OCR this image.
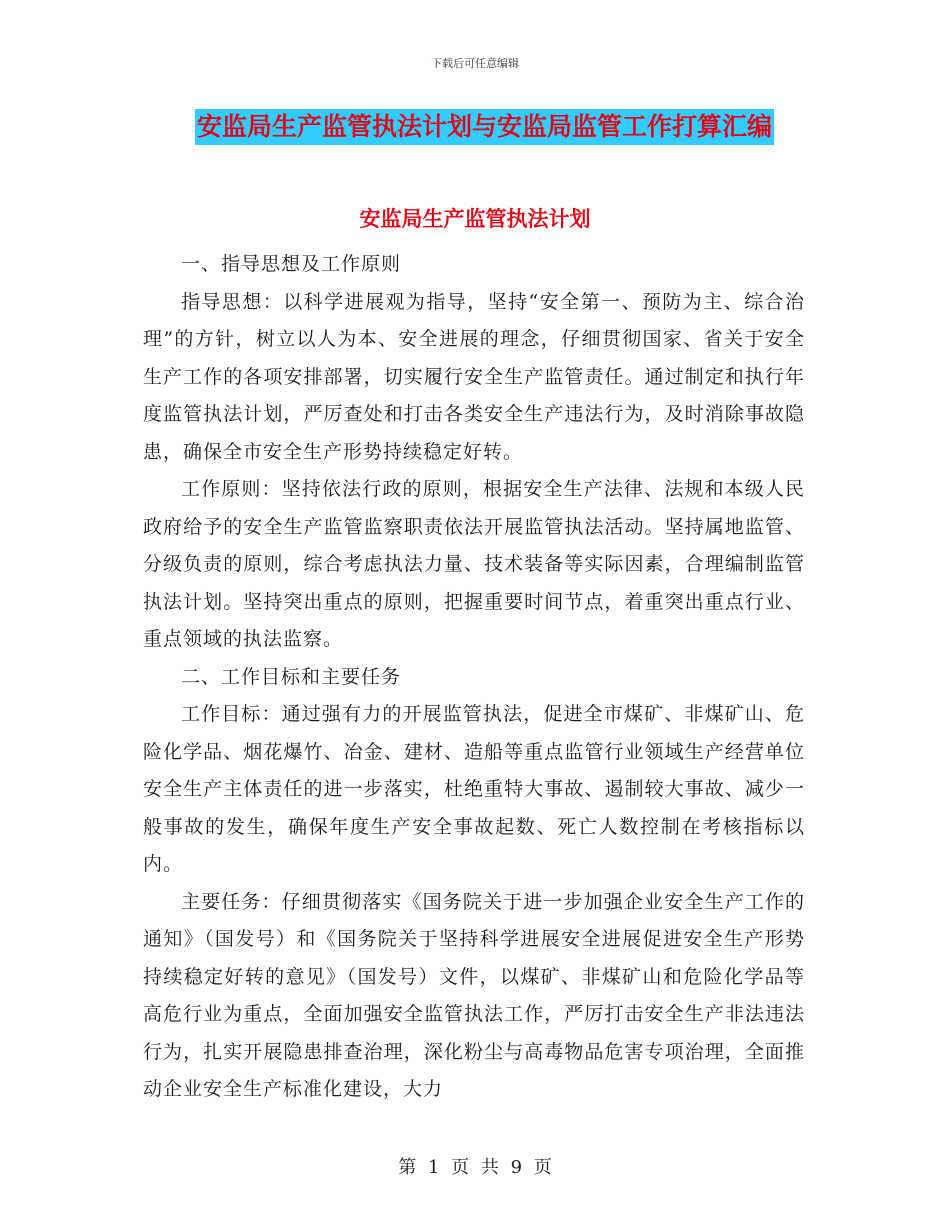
下载后可任意编辑
安监局生产监管执法计划与安监局监管工作打算汇编
安监局生产监管执法计划

一、指导思想及工作原则

指导思想：以科学进展观为指导，坚持“安全第一、预防为主、综合治理”的方针，树立以人为本、安全进展的理念，仔细贯彻国家、省关于安全生产工作的各项安排部署，切实履行安全生产监管责任。通过制定和执行年度监管执法计划，严厉查处和打击各类安全生产违法行为，及时消除事故隐患，确保全市安全生产形势持续稳定好转。

工作原则：坚持依法行政的原则，根据安全生产法律、法规和本级人民政府给予的安全生产监管监察职责依法开展监管执法活动。坚持属地监管、分级负责的原则，综合考虑执法力量、技术装备等实际因素，合理编制监管执法计划。坚持突出重点的原则，把握重要时间节点，着重突出重点行业、重点领域的执法监察。

二、工作目标和主要任务

工作目标：通过强有力的开展监管执法，促进全市煤矿、非煤矿山、危险化学品、烟花爆竹、冶金、建材、造船等重点监管行业领域生产经营单位安全生产主体责任的进一步落实，杜绝重特大事故、遏制较大事故、减少一般事故的发生，确保年度生产安全事故起数、死亡人数控制在考核指标以内。

主要任务：仔细贯彻落实《国务院关于进一步加强企业安全生产工作的通知》（国发号）和《国务院关于坚持科学进展安全进展促进安全生产形势持续稳定好转的意见》（国发号）文件，以煤矿、非煤矿山和危险化学品等高危行业为重点，全面加强安全监管执法工作，严厉打击安全生产非法违法行为，扎实开展隐患排查治理，深化粉尘与高毒物品危害专项治理，全面推动企业安全生产标准化建设，大力

第 1 页 共 9 页
